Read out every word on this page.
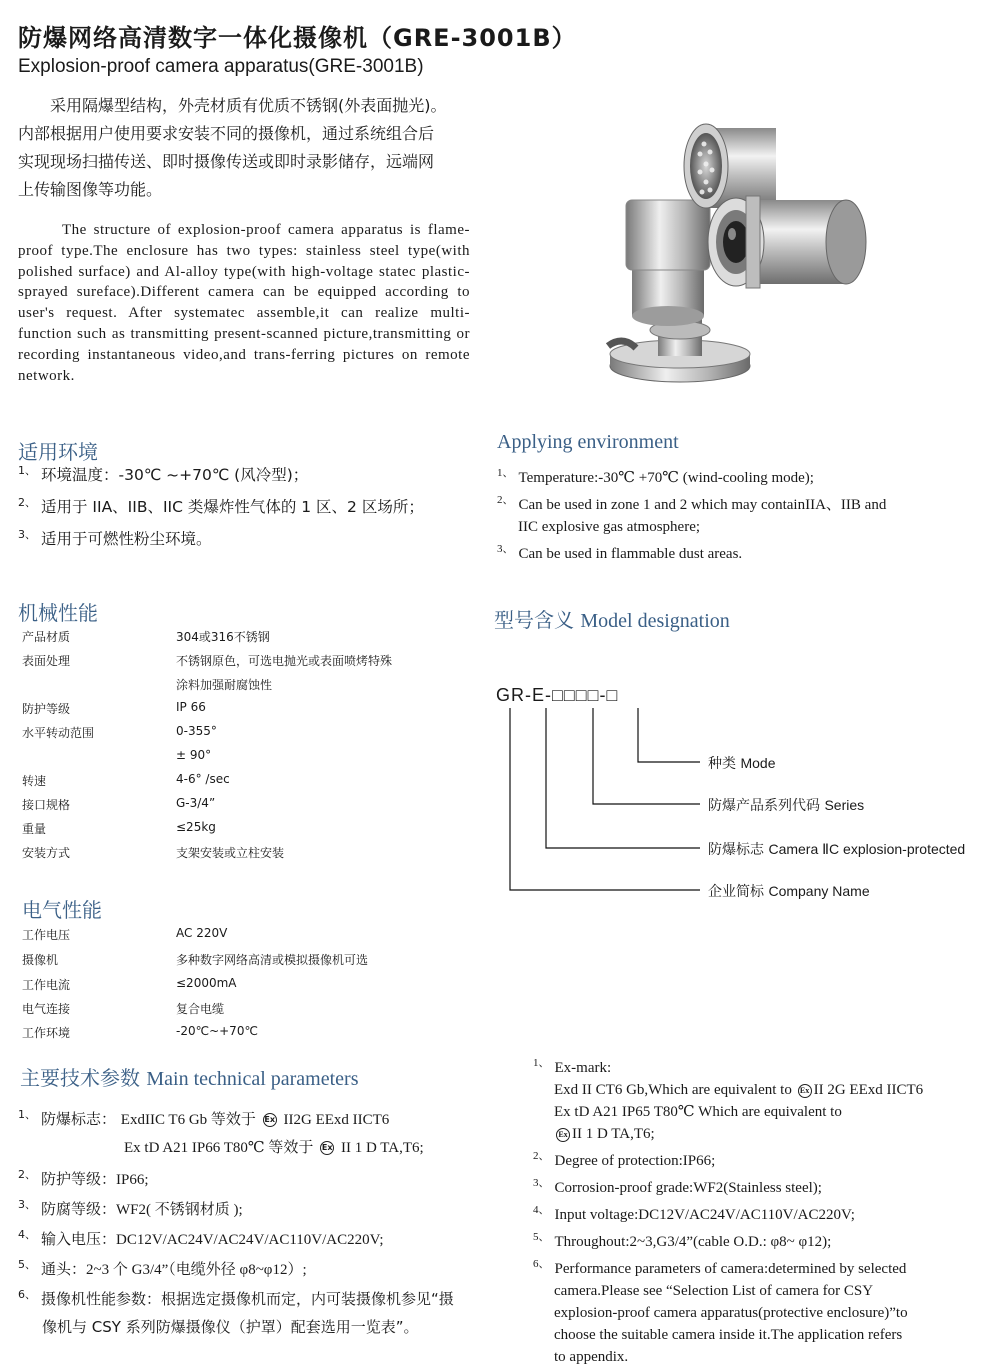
防爆网络高清数字一体化摄像机（GRE-3001B）
Explosion-proof camera apparatus(GRE-3001B)

　　采用隔爆型结构，外壳材质有优质不锈钢(外表面抛光)。

内部根据用户使用要求安装不同的摄像机，通过系统组合后

实现现场扫描传送、即时摄像传送或即时录影储存，远端网

上传输图像等功能。

The structure of explosion-proof camera apparatus is flame-proof type.The enclosure has two types: stainless steel type(with polished surface) and Al-alloy type(with high-voltage statec plastic-sprayed sureface).Different camera can be equipped according to user's request. After systematec assemble,it can realize multi-function such as transmitting present-scanned picture,transmitting or recording instantaneous video,and trans-ferring pictures on remote network.
适用环境
$^{1、}$ 环境温度：-30℃ ~+70℃ (风冷型)；
$^{2、}$ 适用于 IIA、IIB、IIC 类爆炸性气体的 1 区、2 区场所；
$^{3、}$ 适用于可燃性粉尘环境。
Applying environment
$^{1、}$ Temperature:-30℃ +70℃ (wind-cooling mode);
$^{2、}$ Can be used in zone 1 and 2 which may containIIA、IIB and
IIC explosive gas atmosphere;
$^{3、}$ Can be used in flammable dust areas.
机械性能
产品材质	304或316不锈钢
表面处理	不锈钢原色，可选电抛光或表面喷烤特殊
涂料加强耐腐蚀性
防护等级	IP 66
水平转动范围	0-355°
± 90°
转速	4-6° /sec
接口规格	G-3/4”
重量	≤25kg
安装方式	支架安装或立柱安装
电气性能
工作电压	AC 220V
摄像机	多种数字网络高清或模拟摄像机可选
工作电流	≤2000mA
电气连接	复合电缆
工作环境	-20℃~+70℃
型号含义 Model designation
GR-E-□□□□-□
种类 Mode
防爆产品系列代码 Series
防爆标志 Camera ⅡC explosion-protected
企业简标 Company Name
主要技术参数 Main technical parameters
$^{1、}$ 防爆标志： ExdIIC T6 Gb 等效于 Ex II2G EExd IICT6
Ex tD A21 IP66 T80℃ 等效于 Ex II 1 D TA,T6;
$^{2、}$ 防护等级：IP66;
$^{3、}$ 防腐等级：WF2( 不锈钢材质 );
$^{4、}$ 输入电压：DC12V/AC24V/AC24V/AC110V/AC220V;
$^{5、}$ 通头：2~3 个 G3/4”（电缆外径 φ8~φ12）;
$^{6、}$ 摄像机性能参数：根据选定摄像机而定，内可装摄像机参见“摄
像机与 CSY 系列防爆摄像仪（护罩）配套选用一览表”。
$^{1、}$ Ex-mark:
Exd II CT6 Gb,Which are equivalent to Ex II 2G EExd IICT6
Ex tD A21 IP65 T80℃ Which are equivalent to
Ex II 1 D TA,T6;
$^{2、}$ Degree of protection:IP66;
$^{3、}$ Corrosion-proof grade:WF2(Stainless steel);
$^{4、}$ Input voltage:DC12V/AC24V/AC110V/AC220V;
$^{5、}$ Throughout:2~3,G3/4”(cable O.D.: φ8~ φ12);
$^{6、}$ Performance parameters of camera:determined by selected
camera.Please see “Selection List of camera for CSY
explosion-proof camera apparatus(protective enclosure)”to
choose the suitable camera inside it.The application refers
to appendix.
